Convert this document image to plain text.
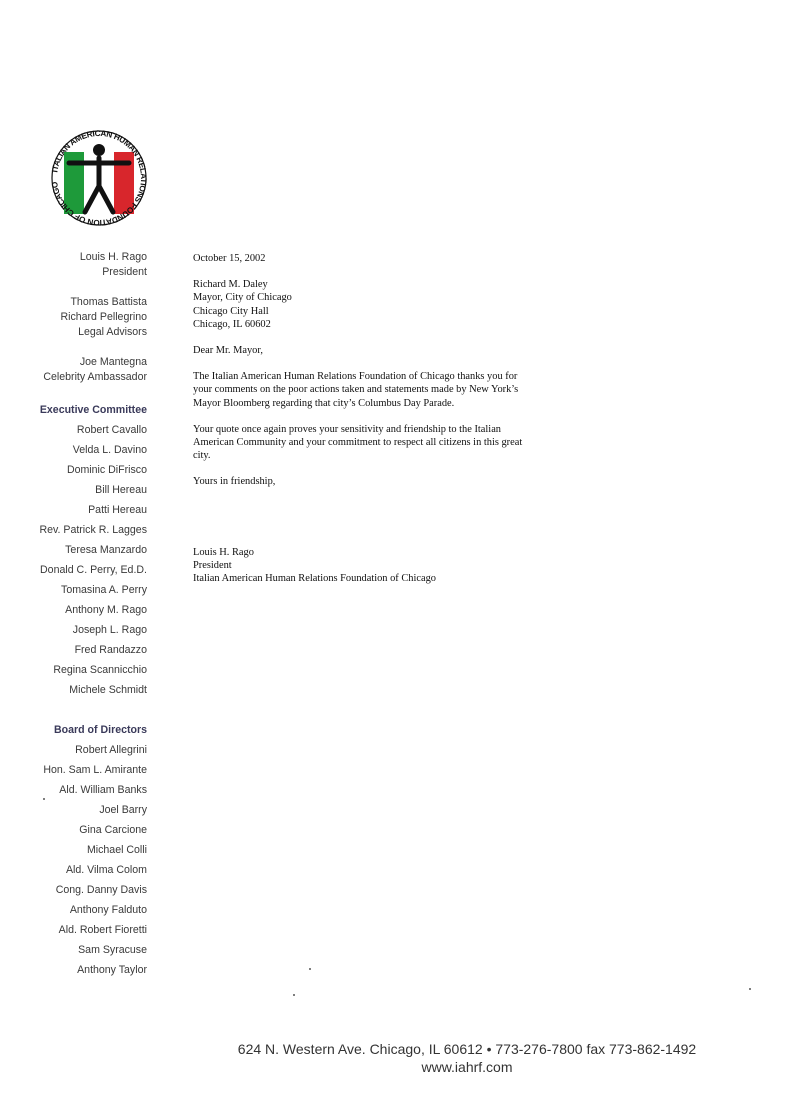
ITALIAN AMERICAN HUMAN RELATIONS FOUNDATION OF CHICAGO
Louis H. Rago
President
Thomas Battista
Richard Pellegrino
Legal Advisors
Joe Mantegna
Celebrity Ambassador
Executive Committee
Robert Cavallo
Velda L. Davino
Dominic DiFrisco
Bill Hereau
Patti Hereau
Rev. Patrick R. Lagges
Teresa Manzardo
Donald C. Perry, Ed.D.
Tomasina A. Perry
Anthony M. Rago
Joseph L. Rago
Fred Randazzo
Regina Scannicchio
Michele Schmidt
Board of Directors
Robert Allegrini
Hon. Sam L. Amirante
Ald. William Banks
Joel Barry
Gina Carcione
Michael Colli
Ald. Vilma Colom
Cong. Danny Davis
Anthony Falduto
Ald. Robert Fioretti
Sam Syracuse
Anthony Taylor

October 15, 2002

Richard M. Daley

Mayor, City of Chicago

Chicago City Hall

Chicago, IL 60602

Dear Mr. Mayor,

The Italian American Human Relations Foundation of Chicago thanks you for

your comments on the poor actions taken and statements made by New York’s

Mayor Bloomberg regarding that city’s Columbus Day Parade.

Your quote once again proves your sensitivity and friendship to the Italian

American Community and your commitment to respect all citizens in this great

city.

Yours in friendship,

Louis H. Rago

President

Italian American Human Relations Foundation of Chicago

624 N. Western Ave. Chicago, IL 60612 • 773-276-7800 fax 773-862-1492
www.iahrf.com
